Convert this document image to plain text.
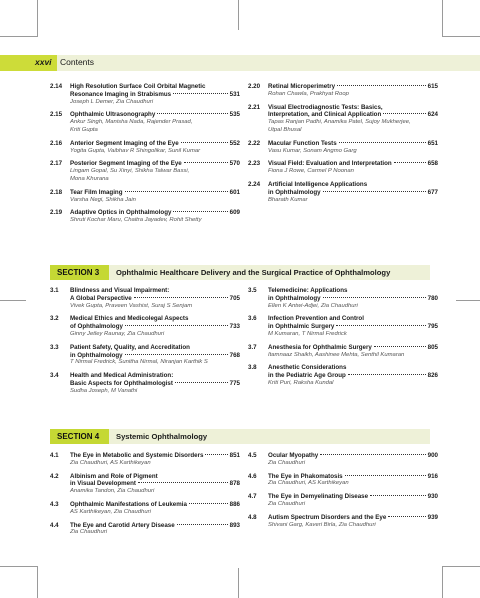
xxvi Contents
2.14	High Resolution Surface Coil Orbital Magnetic
Resonance Imaging in Strabismus	531
Joseph L Demer, Zia Chaudhuri
2.15	Ophthalmic Ultrasonography	535
Ankur Singh, Manisha Nada, Rajender Prasad,
Kriti Gupta
2.16	Anterior Segment Imaging of the Eye	552
Yogita Gupta, Vaibhav R Shingolikar, Sunil Kumar
2.17	Posterior Segment Imaging of the Eye	570
Lingam Gopal, Su Xinyi, Shikha Talwar Bassi,
Mona Khurana
2.18	Tear Film Imaging	601
Varsha Negi, Shikha Jain
2.19	Adaptive Optics in Ophthalmology	609
Shruti Kochar Maru, Chaitra Jayadev, Rohit Shetty
2.20	Retinal Microperimetry	615
Rohan Chawla, Prakhyat Roop
2.21	Visual Electrodiagnostic Tests: Basics,
Interpretation, and Clinical Application	624
Tapas Ranjan Padhi, Anamika Patel, Sujoy Mukherjee,
Utpal Bhusal
2.22	Macular Function Tests	651
Vasu Kumar, Sonam Angmo Garg
2.23	Visual Field: Evaluation and Interpretation	658
Fiona J Rowe, Carmel P Noonan
2.24	Artificial Intelligence Applications
in Ophthalmology	677
Bharath Kumar
SECTION 3	Ophthalmic Healthcare Delivery and the Surgical Practice of Ophthalmology
3.1	Blindness and Visual Impairment:
A Global Perspective	705
Vivek Gupta, Praveen Vashist, Suraj S Senjam
3.2	Medical Ethics and Medicolegal Aspects
of Ophthalmology	733
Ginny Jetley Raunay, Zia Chaudhuri
3.3	Patient Safety, Quality, and Accreditation
in Ophthalmology	768
T Nirmal Fredrick, Sunitha Nirmal, Niranjan Karthik S
3.4	Health and Medical Administration:
Basic Aspects for Ophthalmologist	775
Sudha Joseph, M Vanathi
3.5	Telemedicine: Applications
in Ophthalmology	780
Ellen K Antwi-Adjei, Zia Chaudhuri
3.6	Infection Prevention and Control
in Ophthalmic Surgery	795
M Kumaran, T Nirmal Fredrick
3.7	Anesthesia for Ophthalmic Surgery	805
Itamnaaz Shaikh, Aashinee Mehta, Senthil Kumaran
3.8	Anesthetic Considerations
in the Pediatric Age Group	826
Kriti Puri, Raksha Kundal
SECTION 4	Systemic Ophthalmology
4.1	The Eye in Metabolic and Systemic Disorders	851
Zia Chaudhuri, AS Karthikeyan
4.2	Albinism and Role of Pigment
in Visual Development	878
Anamika Tandon, Zia Chaudhuri
4.3	Ophthalmic Manifestations of Leukemia	886
AS Karthikeyan, Zia Chaudhuri
4.4	The Eye and Carotid Artery Disease	893
Zia Chaudhuri
4.5	Ocular Myopathy	900
Zia Chaudhuri
4.6	The Eye in Phakomatosis	916
Zia Chaudhuri, AS Karthikeyan
4.7	The Eye in Demyelinating Disease	930
Zia Chaudhuri
4.8	Autism Spectrum Disorders and the Eye	939
Shivani Garg, Kaveri Birla, Zia Chaudhuri
